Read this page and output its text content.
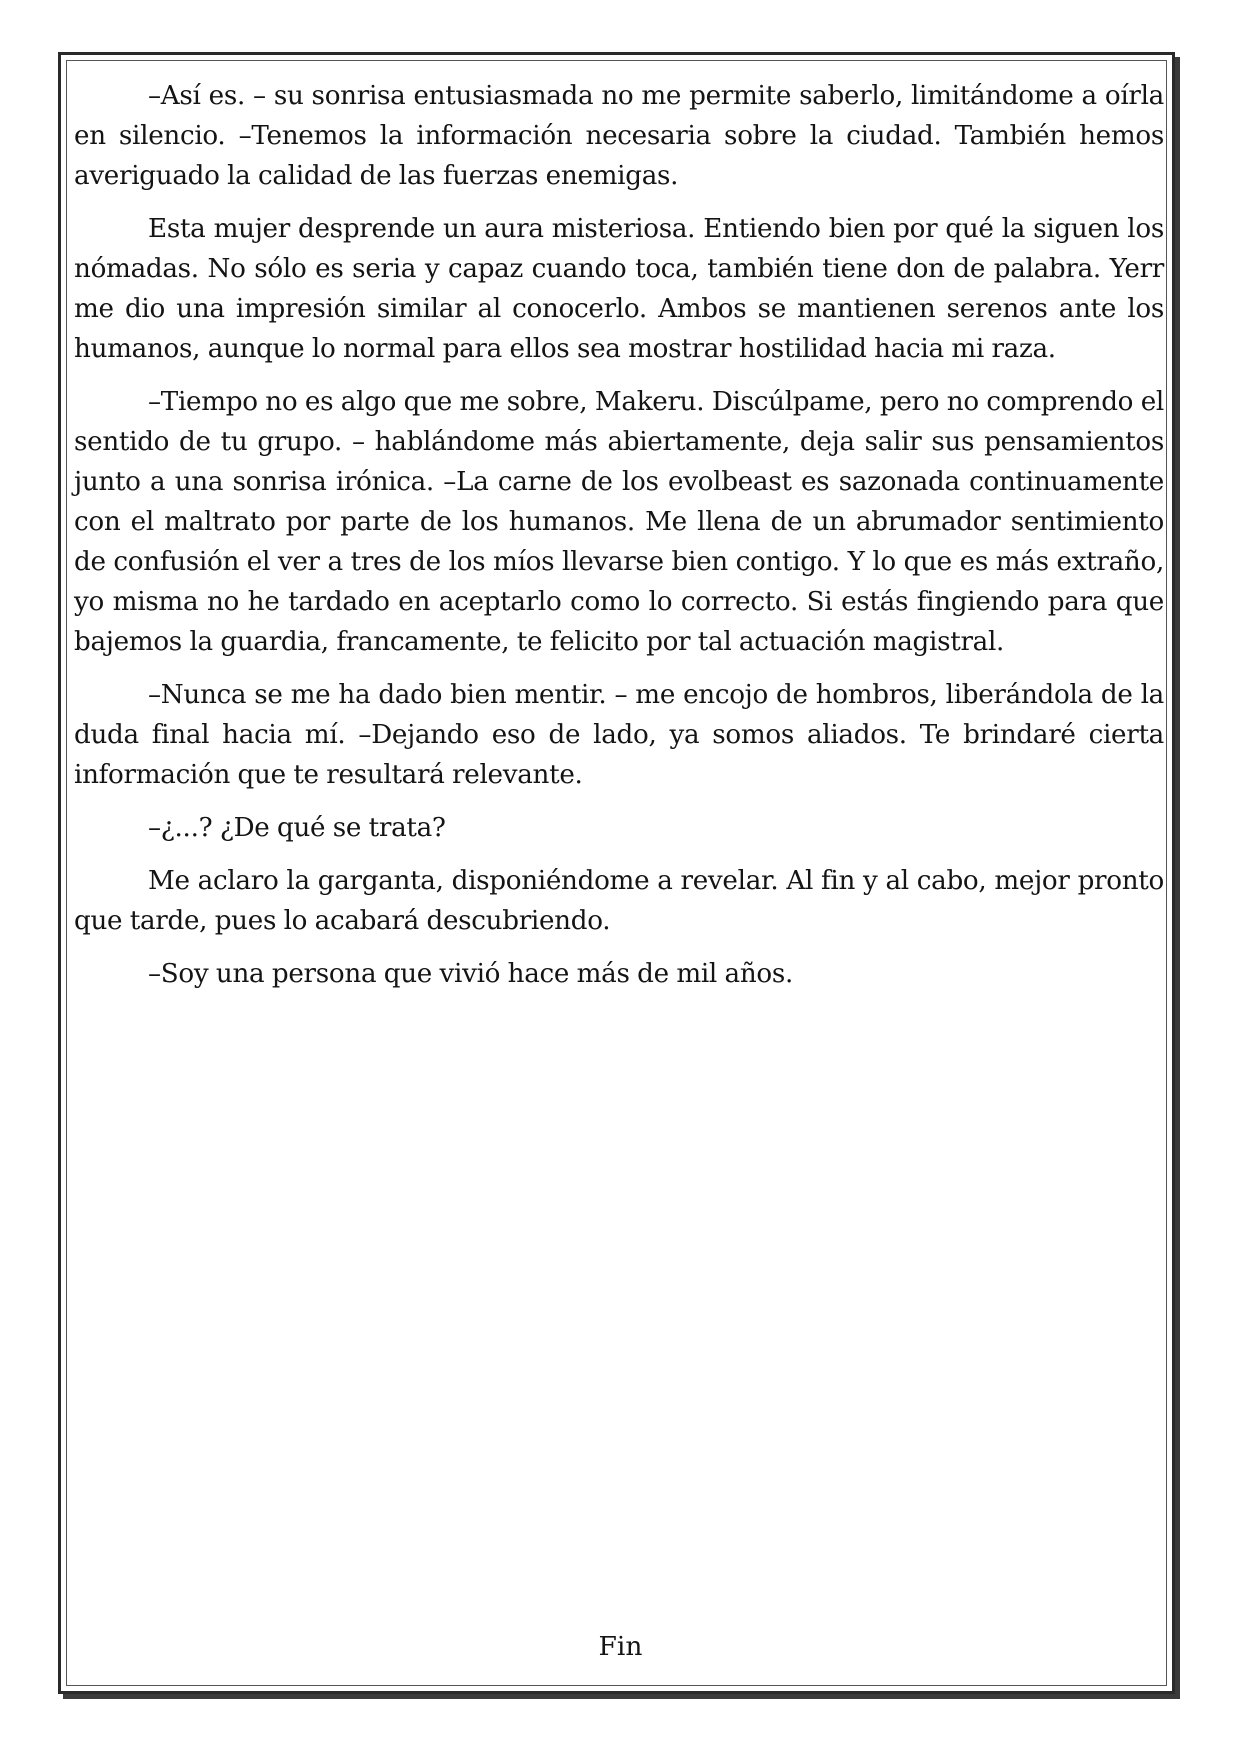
–Así es. – su sonrisa entusiasmada no me permite saberlo, limitándome a oírla en silencio. –Tenemos la información necesaria sobre la ciudad. También hemos averiguado la calidad de las fuerzas enemigas.

Esta mujer desprende un aura misteriosa. Entiendo bien por qué la siguen los nómadas. No sólo es seria y capaz cuando toca, también tiene don de palabra. Yerr me dio una impresión similar al conocerlo. Ambos se mantienen serenos ante los humanos, aunque lo normal para ellos sea mostrar hostilidad hacia mi raza.

–Tiempo no es algo que me sobre, Makeru. Discúlpame, pero no comprendo el sentido de tu grupo. – hablándome más abiertamente, deja salir sus pensamientos junto a una sonrisa irónica. –La carne de los evolbeast es sazonada continuamente con el maltrato por parte de los humanos. Me llena de un abrumador sentimiento de confusión el ver a tres de los míos llevarse bien contigo. Y lo que es más extraño, yo misma no he tardado en aceptarlo como lo correcto. Si estás fingiendo para que bajemos la guardia, francamente, te felicito por tal actuación magistral.

–Nunca se me ha dado bien mentir. – me encojo de hombros, liberándola de la duda final hacia mí. –Dejando eso de lado, ya somos aliados. Te brindaré cierta información que te resultará relevante.

–¿...? ¿De qué se trata?

Me aclaro la garganta, disponiéndome a revelar. Al fin y al cabo, mejor pronto que tarde, pues lo acabará descubriendo.

–Soy una persona que vivió hace más de mil años.

Fin
